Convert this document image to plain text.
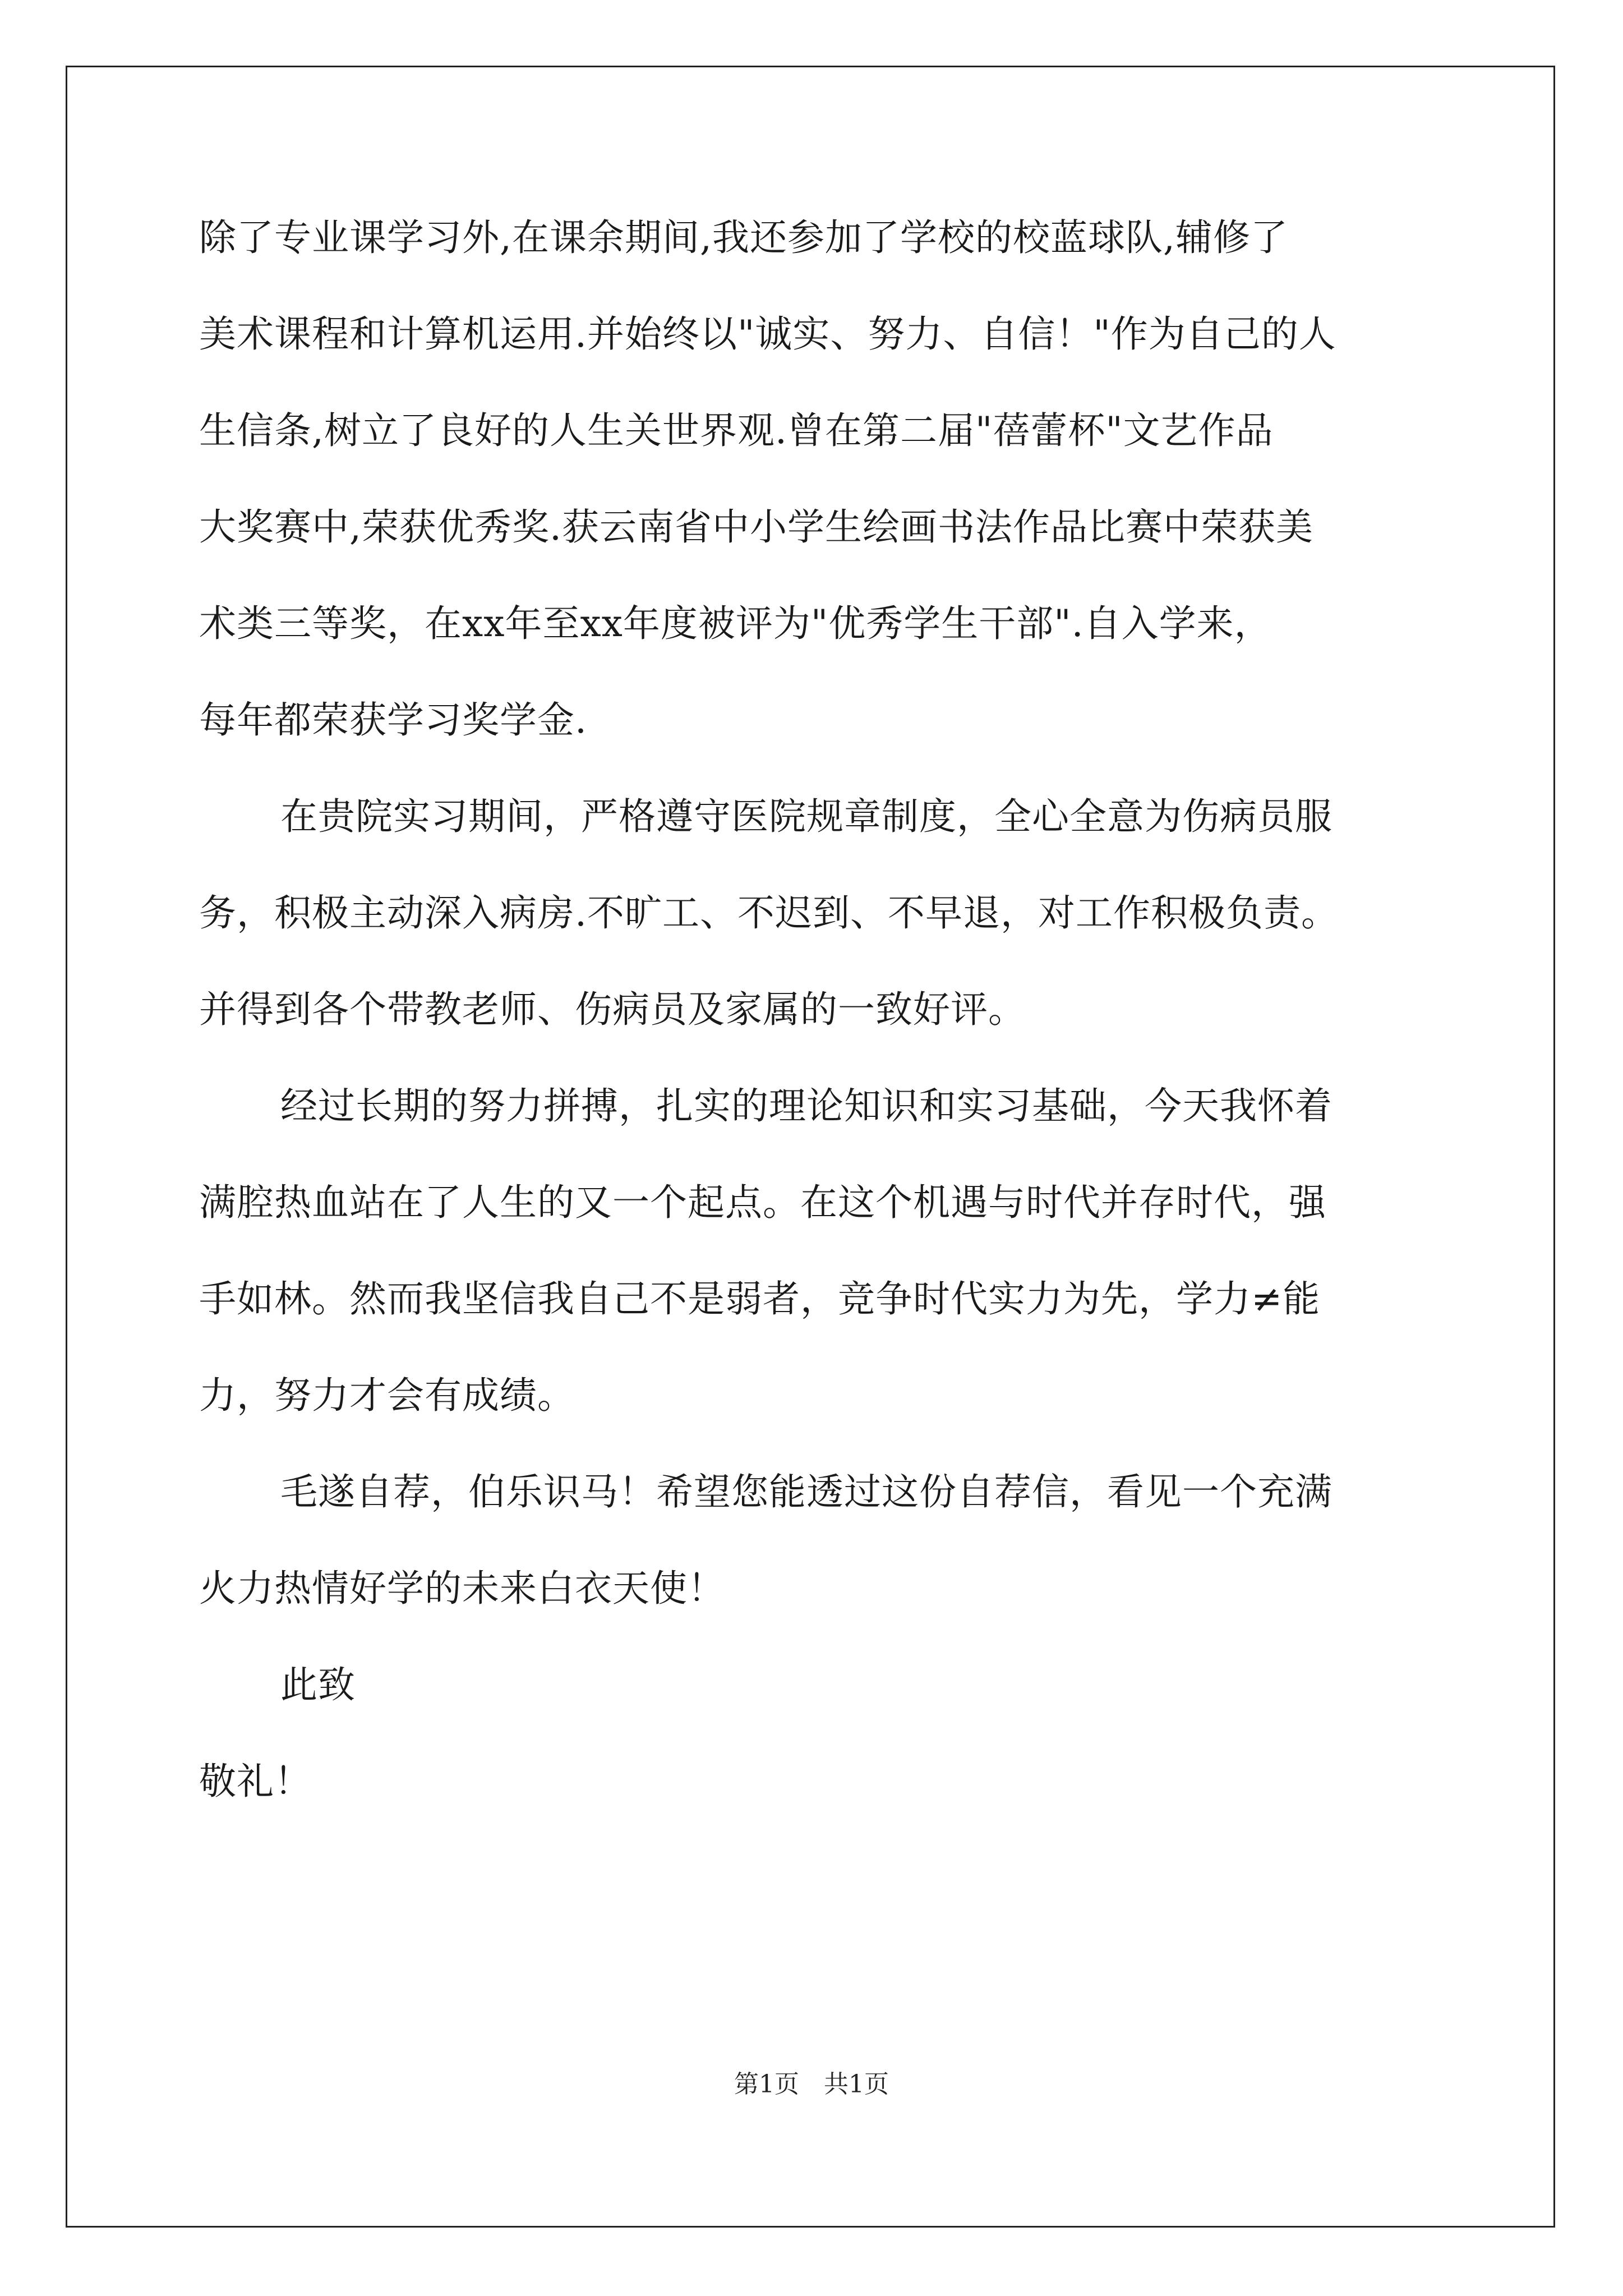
除了专业课学习外,在课余期间,我还参加了学校的校蓝球队,辅修了
美术课程和计算机运用.并始终以"诚实、努力、自信！"作为自己的人
生信条,树立了良好的人生关世界观.曾在第二届"蓓蕾杯"文艺作品
大奖赛中,荣获优秀奖.获云南省中小学生绘画书法作品比赛中荣获美
术类三等奖，在xx年至xx年度被评为"优秀学生干部".自入学来，
每年都荣获学习奖学金.
在贵院实习期间，严格遵守医院规章制度，全心全意为伤病员服
务，积极主动深入病房.不旷工、不迟到、不早退，对工作积极负责。
并得到各个带教老师、伤病员及家属的一致好评。
经过长期的努力拼搏，扎实的理论知识和实习基础，今天我怀着
满腔热血站在了人生的又一个起点。在这个机遇与时代并存时代，强
手如林。然而我坚信我自己不是弱者，竞争时代实力为先，学力≠能
力，努力才会有成绩。
毛遂自荐，伯乐识马！希望您能透过这份自荐信，看见一个充满
火力热情好学的未来白衣天使！
此致
敬礼！
第1页　共1页
